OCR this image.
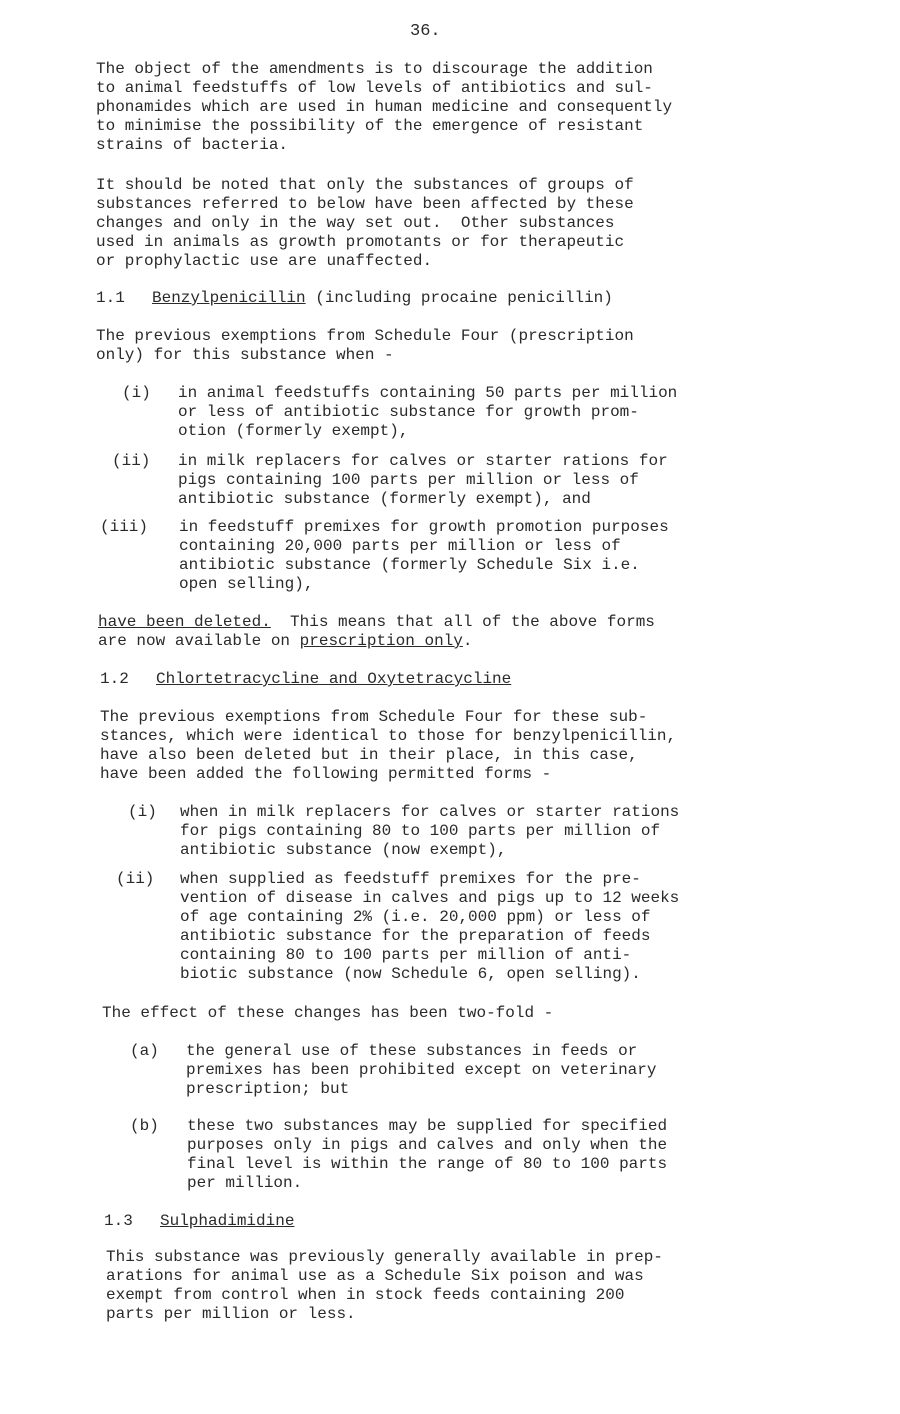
36.

The object of the amendments is to discourage the addition
to animal feedstuffs of low levels of antibiotics and sul-
phonamides which are used in human medicine and consequently
to minimise the possibility of the emergence of resistant
strains of bacteria.

It should be noted that only the substances of groups of
substances referred to below have been affected by these
changes and only in the way set out.  Other substances
used in animals as growth promotants or for therapeutic
or prophylactic use are unaffected.

1.1 Benzylpenicillin (including procaine penicillin)

The previous exemptions from Schedule Four (prescription
only) for this substance when -

(i) in animal feedstuffs containing 50 parts per million
or less of antibiotic substance for growth prom-
otion (formerly exempt),

(ii) in milk replacers for calves or starter rations for
pigs containing 100 parts per million or less of
antibiotic substance (formerly exempt), and

(iii) in feedstuff premixes for growth promotion purposes
containing 20,000 parts per million or less of
antibiotic substance (formerly Schedule Six i.e.
open selling),

have been deleted.  This means that all of the above forms
are now available on prescription only.

1.2 Chlortetracycline and Oxytetracycline

The previous exemptions from Schedule Four for these sub-
stances, which were identical to those for benzylpenicillin,
have also been deleted but in their place, in this case,
have been added the following permitted forms -

(i) when in milk replacers for calves or starter rations
for pigs containing 80 to 100 parts per million of
antibiotic substance (now exempt),

(ii) when supplied as feedstuff premixes for the pre-
vention of disease in calves and pigs up to 12 weeks
of age containing 2% (i.e. 20,000 ppm) or less of
antibiotic substance for the preparation of feeds
containing 80 to 100 parts per million of anti-
biotic substance (now Schedule 6, open selling).

The effect of these changes has been two-fold -

(a) the general use of these substances in feeds or
premixes has been prohibited except on veterinary
prescription; but

(b) these two substances may be supplied for specified
purposes only in pigs and calves and only when the
final level is within the range of 80 to 100 parts
per million.

1.3 Sulphadimidine

This substance was previously generally available in prep-
arations for animal use as a Schedule Six poison and was
exempt from control when in stock feeds containing 200
parts per million or less.
